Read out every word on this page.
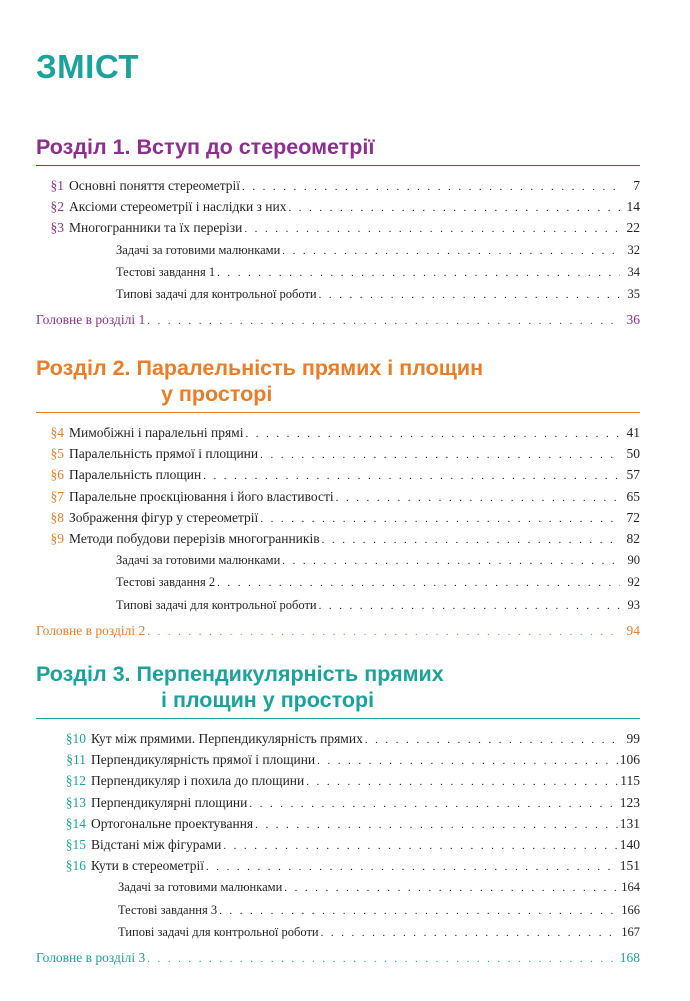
ЗМІСТ
Розділ 1. Вступ до стереометрії
§1 Основні поняття стереометрії . . .	7
§2 Аксіоми стереометрії і наслідки з них . . .	14
§3 Многогранники та їх перерізи . . .	22
Задачі за готовими малюнками . . .	32
Тестові завдання 1 . . .	34
Типові задачі для контрольної роботи . . .	35
Головне в розділі 1 . . .	36
Розділ 2. Паралельність прямих і площин
у просторі
§4 Мимобіжні і паралельні прямі . . .	41
§5 Паралельність прямої і площини . . .	50
§6 Паралельність площин . . .	57
§7 Паралельне проєкціювання і його властивості . . .	65
§8 Зображення фігур у стереометрії . . .	72
§9 Методи побудови перерізів многогранників . . .	82
Задачі за готовими малюнками . . .	90
Тестові завдання 2 . . .	92
Типові задачі для контрольної роботи . . .	93
Головне в розділі 2 . . .	94
Розділ 3. Перпендикулярність прямих
і площин у просторі
§10 Кут між прямими. Перпендикулярність прямих . . .	99
§11 Перпендикулярність прямої і площини . . .	106
§12 Перпендикуляр і похила до площини . . .	115
§13 Перпендикулярні площини . . .	123
§14 Ортогональне проектування . . .	131
§15 Відстані між фігурами . . .	140
§16 Кути в стереометрії . . .	151
Задачі за готовими малюнками . . .	164
Тестові завдання 3 . . .	166
Типові задачі для контрольної роботи . . .	167
Головне в розділі 3 . . .	168
